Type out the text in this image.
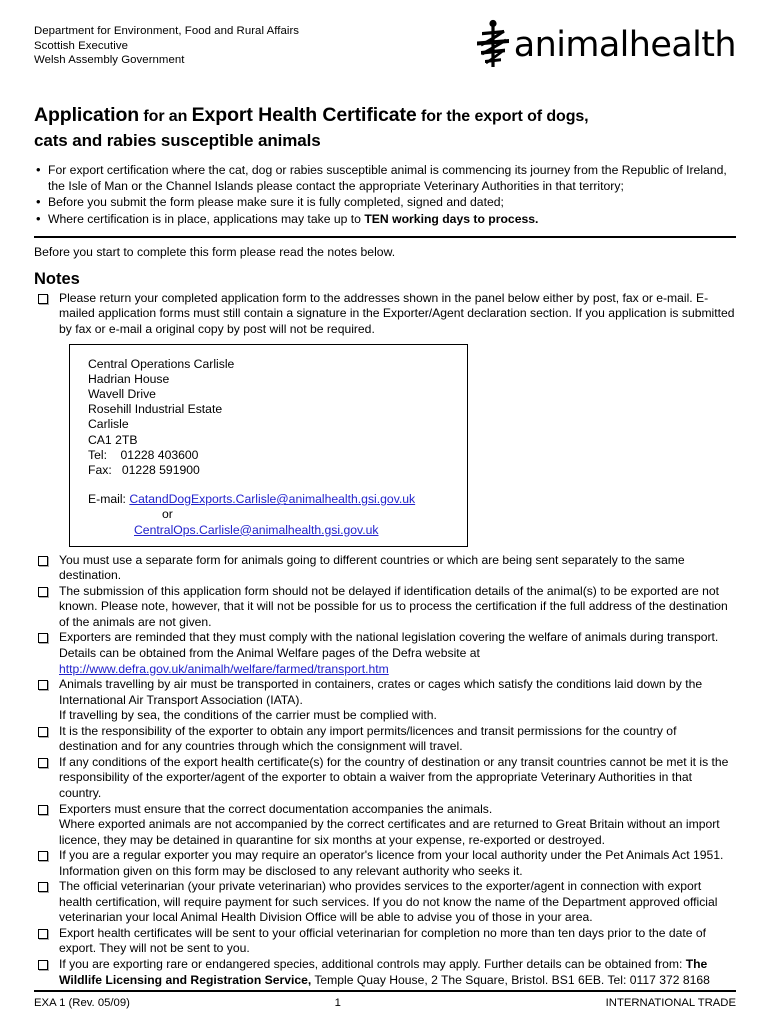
Department for Environment, Food and Rural Affairs
Scottish Executive
Welsh Assembly Government	animalhealth
Application for an Export Health Certificate for the export of dogs,
cats and rabies susceptible animals
• For export certification where the cat, dog or rabies susceptible animal is commencing its journey from the Republic of Ireland, the Isle of Man or the Channel Islands please contact the appropriate Veterinary Authorities in that territory;

• Before you submit the form please make sure it is fully completed, signed and dated;

• Where certification is in place, applications may take up to TEN working days to process.

Before you start to complete this form please read the notes below.
Notes

Please return your completed application form to the addresses shown in the panel below either by post, fax or e-mail. E-mailed application forms must still contain a signature in the Exporter/Agent declaration section. If you application is submitted by fax or e-mail a original copy by post will not be required.

Central Operations Carlisle
Hadrian House
Wavell Drive
Rosehill Industrial Estate
Carlisle
CA1 2TB
Tel:    01228 403600
Fax:   01228 591900
E-mail: CatandDogExports.Carlisle@animalhealth.gsi.gov.uk
or
CentralOps.Carlisle@animalhealth.gsi.gov.uk

You must use a separate form for animals going to different countries or which are being sent separately to the same destination.

The submission of this application form should not be delayed if identification details of the animal(s) to be exported are not known. Please note, however, that it will not be possible for us to process the certification if the full address of the destination of the animals are not given.

Exporters are reminded that they must comply with the national legislation covering the welfare of animals during transport. Details can be obtained from the Animal Welfare pages of the Defra website at http://www.defra.gov.uk/animalh/welfare/farmed/transport.htm

Animals travelling by air must be transported in containers, crates or cages which satisfy the conditions laid down by the International Air Transport Association (IATA).

If travelling by sea, the conditions of the carrier must be complied with.

It is the responsibility of the exporter to obtain any import permits/licences and transit permissions for the country of destination and for any countries through which the consignment will travel.

If any conditions of the export health certificate(s) for the country of destination or any transit countries cannot be met it is the responsibility of the exporter/agent of the exporter to obtain a waiver from the appropriate Veterinary Authorities in that country.

Exporters must ensure that the correct documentation accompanies the animals.

Where exported animals are not accompanied by the correct certificates and are returned to Great Britain without an import licence, they may be detained in quarantine for six months at your expense, re-exported or destroyed.

If you are a regular exporter you may require an operator's licence from your local authority under the Pet Animals Act 1951. Information given on this form may be disclosed to any relevant authority who seeks it.

The official veterinarian (your private veterinarian) who provides services to the exporter/agent in connection with export health certification, will require payment for such services. If you do not know the name of the Department approved official veterinarian your local Animal Health Division Office will be able to advise you of those in your area.

Export health certificates will be sent to your official veterinarian for completion no more than ten days prior to the date of export. They will not be sent to you.

If you are exporting rare or endangered species, additional controls may apply. Further details can be obtained from: The Wildlife Licensing and Registration Service, Temple Quay House, 2 The Square, Bristol. BS1 6EB. Tel: 0117 372 8168

EXA 1 (Rev. 05/09)	1	INTERNATIONAL TRADE
